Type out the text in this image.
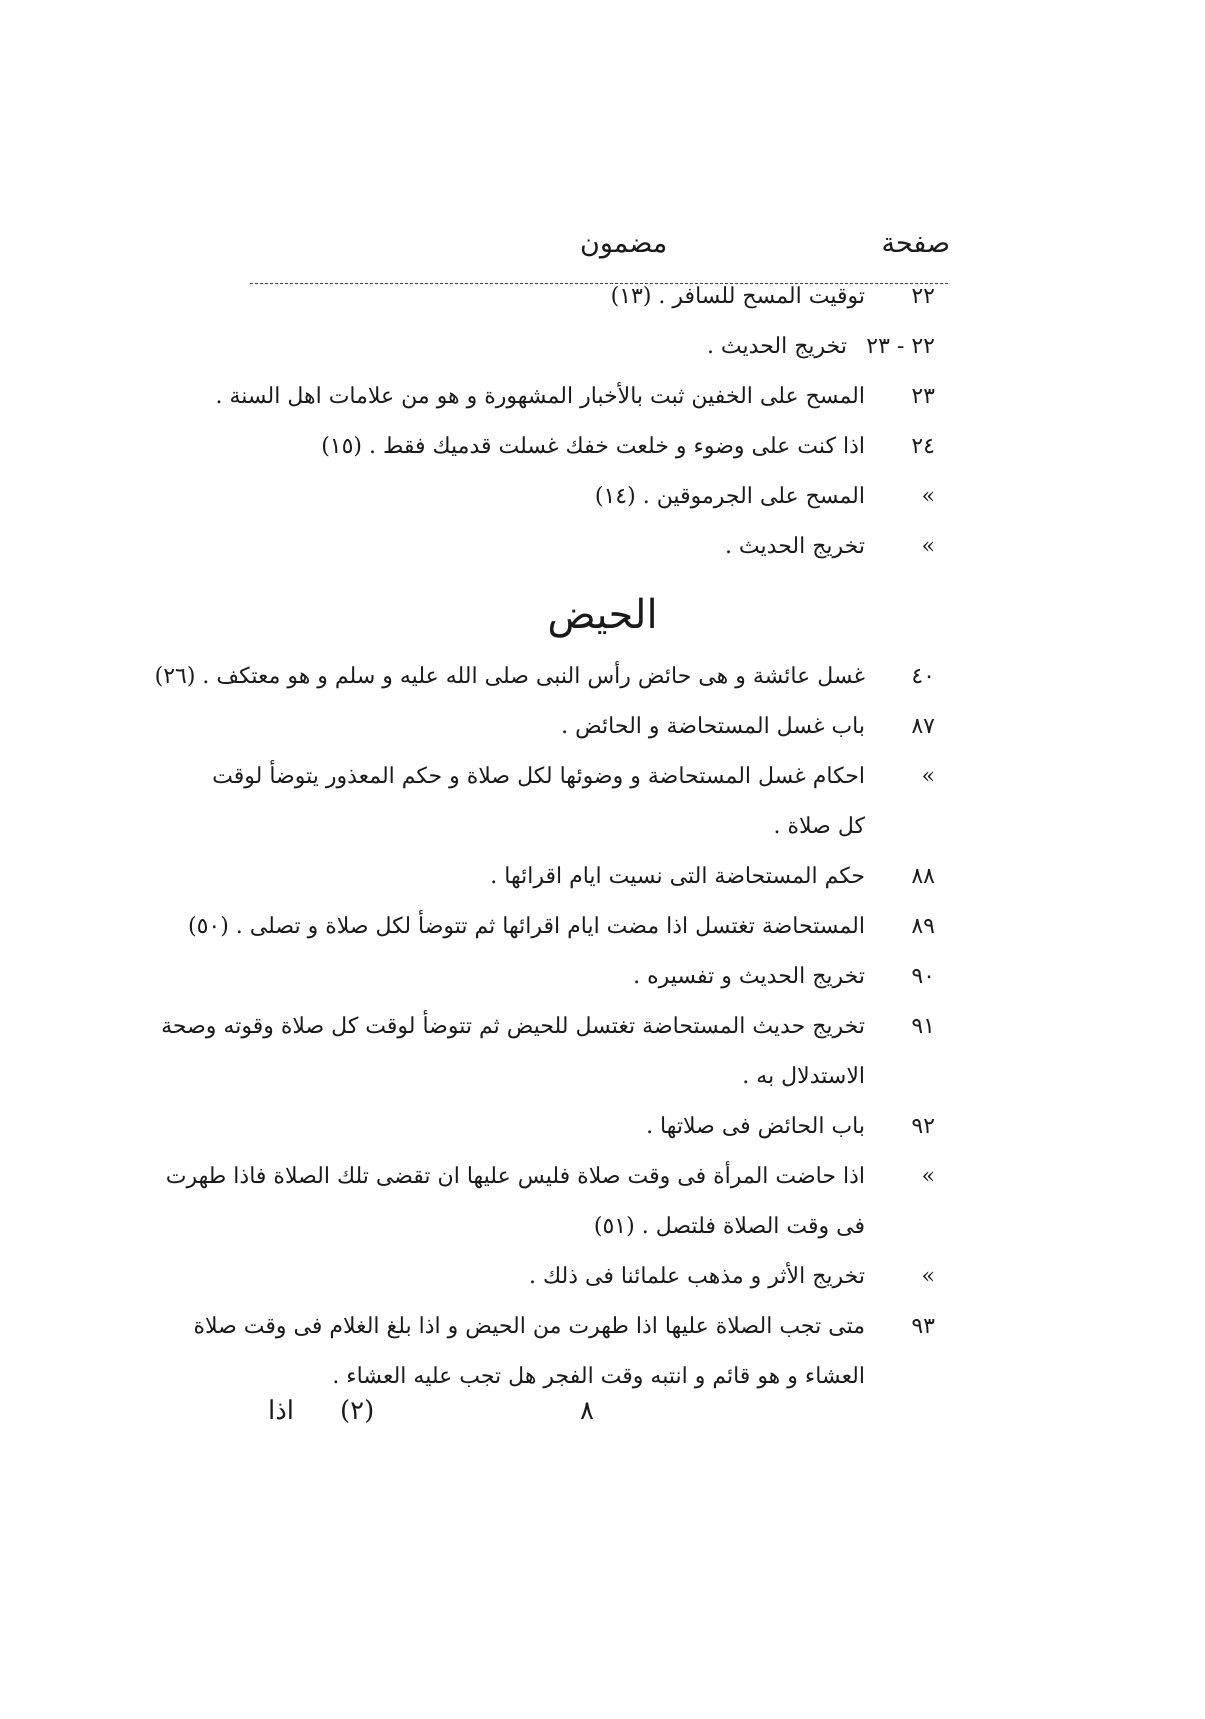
صفحة
مضمون
٢٢
توقيت المسح للسافر . (١٣)
٢٢ - ٢٣
تخريج الحديث .
٢٣
المسح على الخفين ثبت بالأخبار المشهورة و هو من علامات اهل السنة .
٢٤
اذا كنت على وضوء و خلعت خفك غسلت قدميك فقط . (١٥)
»
المسح على الجرموقين . (١٤)
»
تخريج الحديث .
الحيض
٤٠
غسل عائشة و هى حائض رأس النبى صلى الله عليه و سلم و هو معتكف . (٢٦)
٨٧
باب غسل المستحاضة و الحائض .
»
احكام غسل المستحاضة و وضوئها لكل صلاة و حكم المعذور يتوضأ لوقت
كل صلاة .
٨٨
حكم المستحاضة التى نسيت ايام اقرائها .
٨٩
المستحاضة تغتسل اذا مضت ايام اقرائها ثم تتوضأ لكل صلاة و تصلى . (٥٠)
٩٠
تخريج الحديث و تفسيره .
٩١
تخريج حديث المستحاضة تغتسل للحيض ثم تتوضأ لوقت كل صلاة وقوته وصحة
الاستدلال به .
٩٢
باب الحائض فى صلاتها .
»
اذا حاضت المرأة فى وقت صلاة فليس عليها ان تقضى تلك الصلاة فاذا طهرت
فى وقت الصلاة فلتصل . (٥١)
»
تخريج الأثر و مذهب علمائنا فى ذلك .
٩٣
متى تجب الصلاة عليها اذا طهرت من الحيض و اذا بلغ الغلام فى وقت صلاة
العشاء و هو قائم و انتبه وقت الفجر هل تجب عليه العشاء .
٨
(٢)
اذا
